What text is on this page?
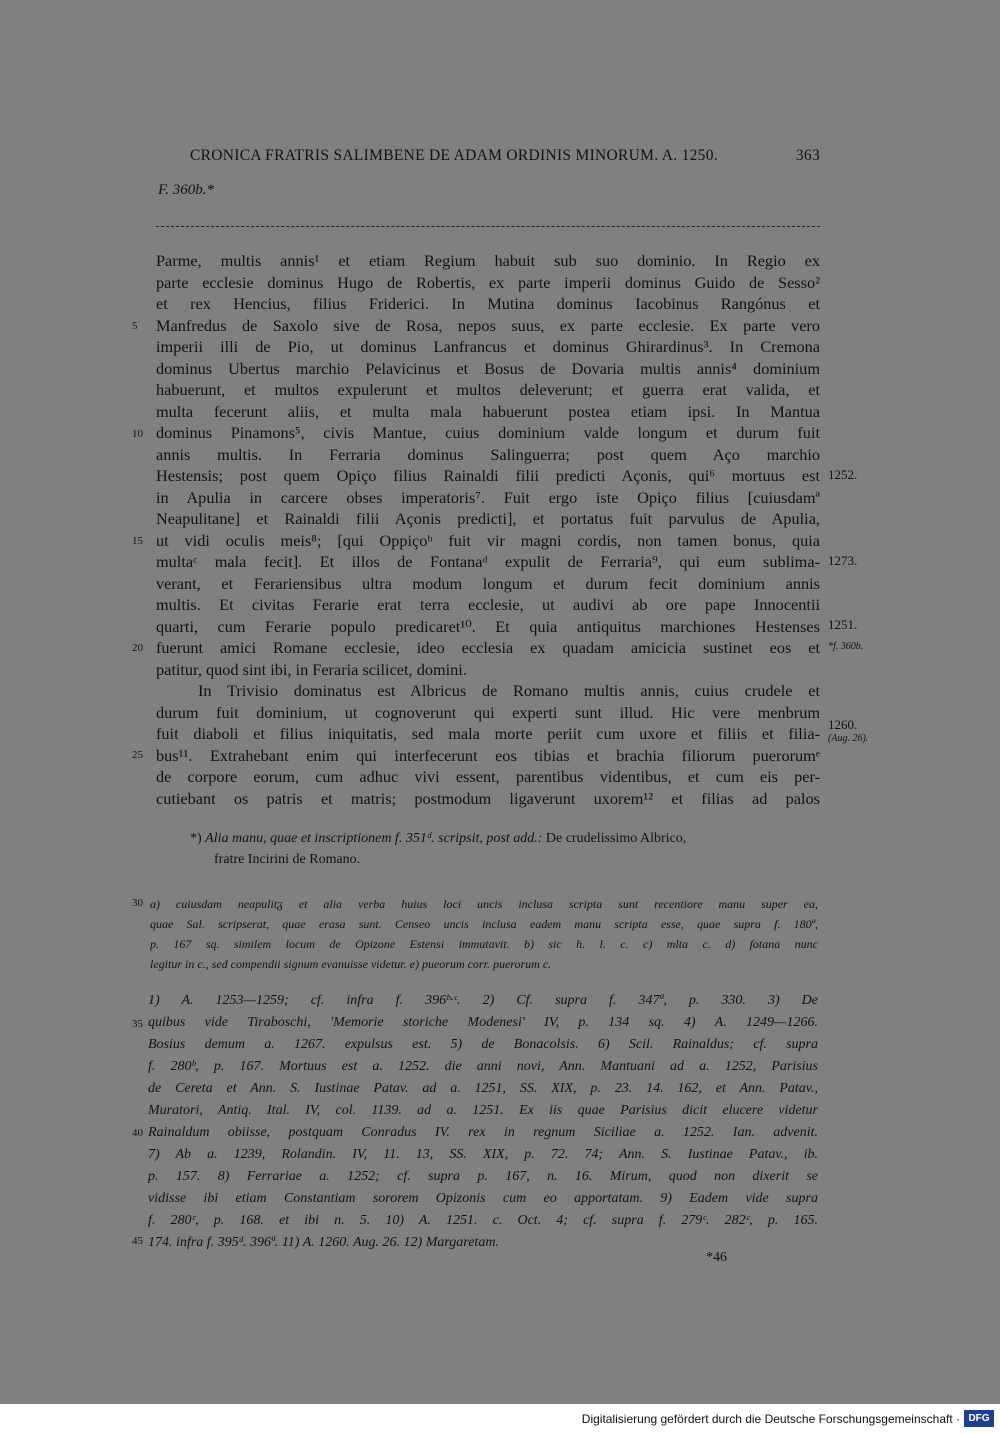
CRONICA FRATRIS SALIMBENE DE ADAM ORDINIS MINORUM. A. 1250.	363
F. 360b.*
Parme, multis annis¹ et etiam Regium habuit sub suo dominio. In Regio ex
parte ecclesie dominus Hugo de Robertis, ex parte imperii dominus Guido de Sesso²
et rex Hencius, filius Friderici. In Mutina dominus Iacobinus Rangónus et
Manfredus de Saxolo sive de Rosa, nepos suus, ex parte ecclesie. Ex parte vero
imperii illi de Pio, ut dominus Lanfrancus et dominus Ghirardinus³. In Cremona
dominus Ubertus marchio Pelavicinus et Bosus de Dovaria multis annis⁴ dominium
habuerunt, et multos expulerunt et multos deleverunt; et guerra erat valida, et
multa fecerunt aliis, et multa mala habuerunt postea etiam ipsi. In Mantua
dominus Pinamons⁵, civis Mantue, cuius dominium valde longum et durum fuit
annis multis. In Ferraria dominus Salinguerra; post quem Aço marchio
Hestensis; post quem Opiço filius Rainaldi filii predicti Açonis, qui⁶ mortuus est
in Apulia in carcere obses imperatoris⁷. Fuit ergo iste Opiço filius [cuiusdamª
Neapulitane] et Rainaldi filii Açonis predicti], et portatus fuit parvulus de Apulia,
ut vidi oculis meis⁸; [qui Oppiçoᵇ fuit vir magni cordis, non tamen bonus, quia
multaᶜ mala fecit]. Et illos de Fontanaᵈ expulit de Ferraria⁹, qui eum sublima-
verant, et Ferariensibus ultra modum longum et durum fecit dominium annis
multis. Et civitas Ferarie erat terra ecclesie, ut audivi ab ore pape Innocentii
quarti, cum Ferarie populo predicaret¹⁰. Et quia antiquitus marchiones Hestenses
fuerunt amici Romane ecclesie, ideo ecclesia ex quadam amicicia sustinet eos et
patitur, quod sint ibi, in Feraria scilicet, domini.
In Trivisio dominatus est Albricus de Romano multis annis, cuius crudele et
durum fuit dominium, ut cognoverunt qui experti sunt illud. Hic vere menbrum
fuit diaboli et filius iniquitatis, sed mala morte periit cum uxore et filiis et filia-
bus¹¹. Extrahebant enim qui interfecerunt eos tibias et brachia filiorum puerorumᵉ
de corpore eorum, cum adhuc vivi essent, parentibus videntibus, et cum eis per-
cutiebant os patris et matris; postmodum ligaverunt uxorem¹² et filias ad palos
5
10
15
20
25
30
35
40
45
1252.
1273.
1251.
*f. 360b.
1260.
(Aug. 26).
*) Alia manu, quae et inscriptionem f. 351ᵈ. scripsit, post add.: De crudelissimo Albrico,
fratre Incirini de Romano.
a) cuiusdam neapulitᵹ et alia verba huius loci uncis inclusa scripta sunt recentiore manu super ea,
quae Sal. scripserat, quae erasa sunt. Censeo uncis inclusa eadem manu scripta esse, quae supra f. 180ª,
p. 167 sq. similem locum de Opizone Estensi immutavit. b) sic h. l. c. c) mlta c. d) fotana nunc
legitur in c., sed compendii signum evanuisse videtur. e) pueorum corr. puerorum c.
1) A. 1253—1259; cf. infra f. 396ᵇ·ᶜ. 2) Cf. supra f. 347ª, p. 330. 3) De
quibus vide Tiraboschi, 'Memorie storiche Modenesi' IV, p. 134 sq. 4) A. 1249—1266.
Bosius demum a. 1267. expulsus est. 5) de Bonacolsis. 6) Scil. Rainaldus; cf. supra
f. 280ᵇ, p. 167. Mortuus est a. 1252. die anni novi, Ann. Mantuani ad a. 1252, Parisius
de Cereta et Ann. S. Iustinae Patav. ad a. 1251, SS. XIX, p. 23. 14. 162, et Ann. Patav.,
Muratori, Antiq. Ital. IV, col. 1139. ad a. 1251. Ex iis quae Parisius dicit elucere videtur
Rainaldum obiisse, postquam Conradus IV. rex in regnum Siciliae a. 1252. Ian. advenit.
7) Ab a. 1239, Rolandin. IV, 11. 13, SS. XIX, p. 72. 74; Ann. S. Iustinae Patav., ib.
p. 157. 8) Ferrariae a. 1252; cf. supra p. 167, n. 16. Mirum, quod non dixerit se
vidisse ibi etiam Constantiam sororem Opizonis cum eo apportatam. 9) Eadem vide supra
f. 280ᶜ, p. 168. et ibi n. 5. 10) A. 1251. c. Oct. 4; cf. supra f. 279ᶜ. 282ᶜ, p. 165.
174. infra f. 395ᵈ. 396ª. 11) A. 1260. Aug. 26. 12) Margaretam.
*46
Digitalisierung gefördert durch die Deutsche Forschungsgemeinschaft · DFG
